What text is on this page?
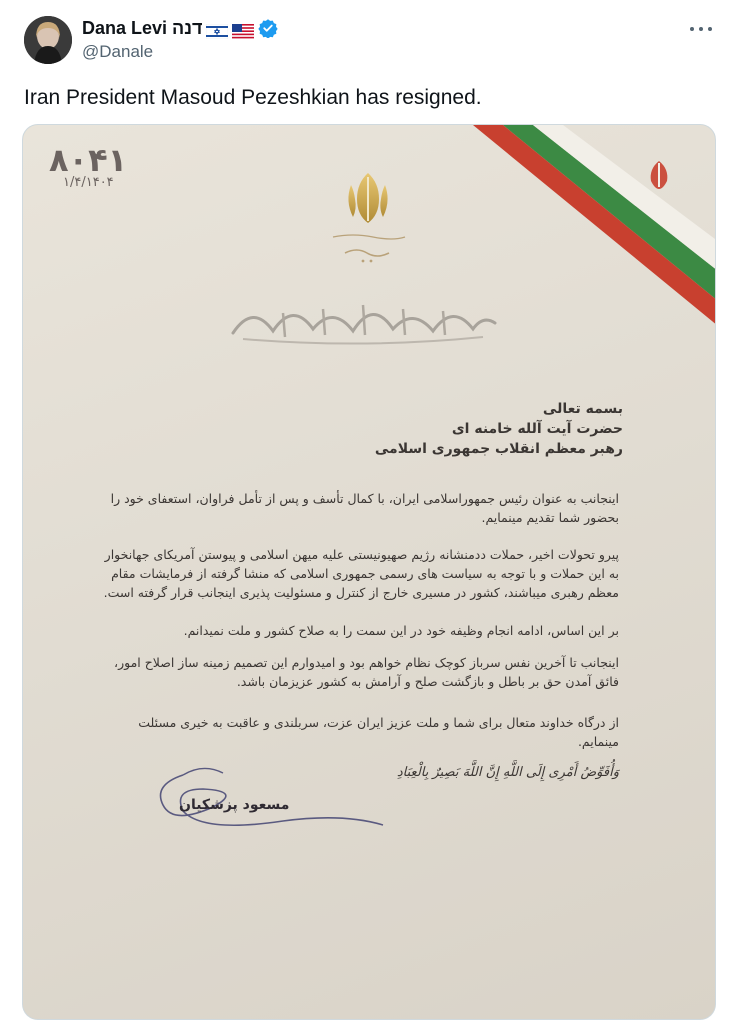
Dana Levi דנה
@Danale
Iran President Masoud Pezeshkian has resigned.
۸۰۴۱
۱/۴/۱۴۰۴
بسمه تعالی
حضرت آیت آلله خامنه ای
رهبر معظم انقلاب جمهوری اسلامی
اینجانب به عنوان رئیس جمهوراسلامی ایران، با کمال تأسف و پس از تأمل فراوان، استعفای خود را بحضور شما تقدیم مینمایم.
پیرو تحولات اخیر، حملات ددمنشانه رژیم صهیونیستی علیه میهن اسلامی و پیوستن آمریکای جهانخوار به این حملات و با توجه به سیاست های رسمی جمهوری اسلامی که منشا گرفته از فرمایشات مقام معظم رهبری میباشند، کشور در مسیری خارج از کنترل و مسئولیت پذیری اینجانب قرار گرفته است.
بر این اساس، ادامه انجام وظیفه خود در این سمت را به صلاح کشور و ملت نمیدانم.
اینجانب تا آخرین نفس سرباز کوچک نظام خواهم بود و امیدوارم این تصمیم زمینه ساز اصلاح امور، فائق آمدن حق بر باطل و بازگشت صلح و آرامش به کشور عزیزمان باشد.
از درگاه خداوند متعال برای شما و ملت عزیز ایران عزت، سربلندی و عاقبت به خیری مسئلت مینمایم.
وَأُفَوِّضُ أَمْرِی إِلَی اللَّهِ إِنَّ اللَّهَ بَصِیرٌ بِالْعِبَادِ
مسعود پزشکیان
